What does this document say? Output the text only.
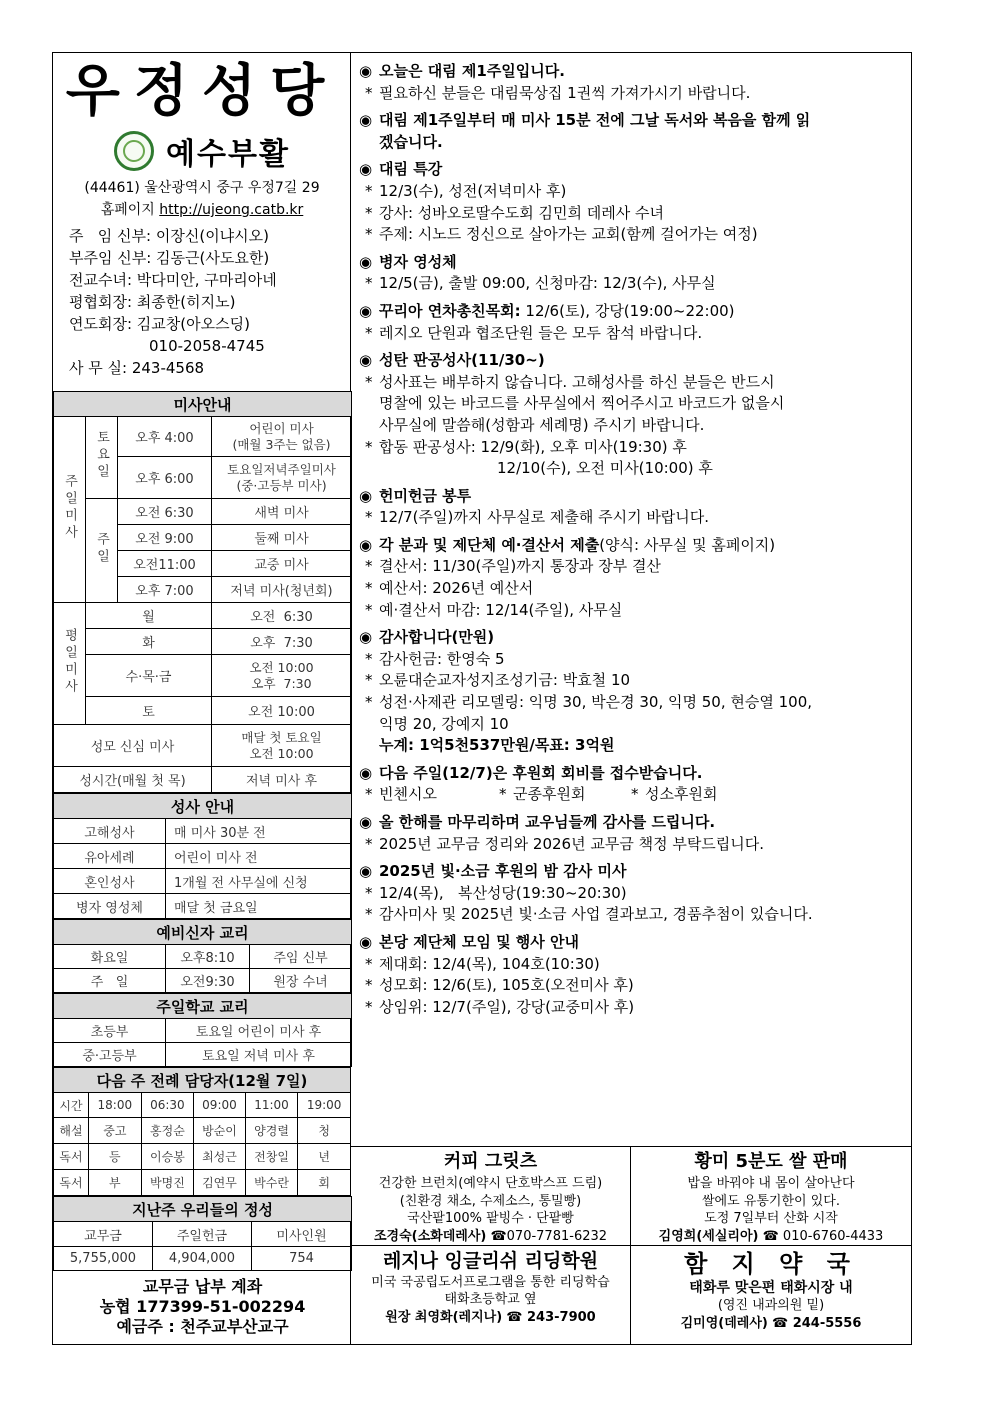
우정성당
예수부활
(44461) 울산광역시 중구 우정7길 29
홈페이지 http://ujeong.catb.kr
주   임 신부: 이장신(이냐시오)
부주임 신부: 김동근(사도요한)
전교수녀: 박다미안, 구마리아네
평협회장: 최종한(히지노)
연도회장: 김교창(아오스딩)
010-2058-4745
사 무 실: 243-4568
미사안내			
주일미사	토요일	오후 4:00	어린이 미사
(매월 3주는 없음)

		오후 6:00	토요일저녁주일미사
(중·고등부 미사)

	주일	오전 6:30	새벽 미사
		오전 9:00	둘째 미사
		오전11:00	교중 미사
		오후 7:00	저녁 미사(청년회)
평일미사	월		오전  6:30
	화		오후  7:30
	수·목·금		오전 10:00
오후  7:30

	토		오전 10:00
성모 신심 미사			매달 첫 토요일
오전 10:00

성시간(매월 첫 목)			저녁 미사 후
성사 안내	
고해성사	매 미사 30분 전
유아세례	어린이 미사 전
혼인성사	1개월 전 사무실에 신청
병자 영성체	매달 첫 금요일
예비신자 교리		
화요일	오후8:10	주임 신부
주   일	오전9:30	원장 수녀
주일학교 교리	
초등부	토요일 어린이 미사 후
중·고등부	토요일 저녁 미사 후
다음 주 전례 담당자(12월 7일)					
시간	18:00	06:30	09:00	11:00	19:00
해설	중고	홍정순	방순이	양경렬	청
독서	등	이승봉	최성근	전창일	년
독서	부	박명진	김연무	박수란	회
지난주 우리들의 정성		
교무금	주일헌금	미사인원
5,755,000	4,904,000	754
교무금 납부 계좌
농협 177399-51-002294
예금주 : 천주교부산교구
◉ 오늘은 대림 제1주일입니다.
* 필요하신 분들은 대림묵상집 1권씩 가져가시기 바랍니다.
◉ 대림 제1주일부터 매 미사 15분 전에 그날 독서와 복음을 함께 읽
겠습니다.
◉ 대림 특강
* 12/3(수), 성전(저녁미사 후)
* 강사: 성바오로딸수도회 김민희 데레사 수녀
* 주제: 시노드 정신으로 살아가는 교회(함께 걸어가는 여정)
◉ 병자 영성체
* 12/5(금), 출발 09:00, 신청마감: 12/3(수), 사무실
◉ 꾸리아 연차총친목회: 12/6(토), 강당(19:00~22:00)
* 레지오 단원과 협조단원 들은 모두 참석 바랍니다.
◉ 성탄 판공성사(11/30~)
* 성사표는 배부하지 않습니다. 고해성사를 하신 분들은 반드시
명찰에 있는 바코드를 사무실에서 찍어주시고 바코드가 없을시
사무실에 말씀해(성함과 세례명) 주시기 바랍니다.
* 합동 판공성사: 12/9(화), 오후 미사(19:30) 후
12/10(수), 오전 미사(10:00) 후
◉ 헌미헌금 봉투
* 12/7(주일)까지 사무실로 제출해 주시기 바랍니다.
◉ 각 분과 및 제단체 예·결산서 제출(양식: 사무실 및 홈페이지)
* 결산서: 11/30(주일)까지 통장과 장부 결산
* 예산서: 2026년 예산서
* 예·결산서 마감: 12/14(주일), 사무실
◉ 감사합니다(만원)
* 감사헌금: 한영숙 5
* 오륜대순교자성지조성기금: 박효철 10
* 성전·사제관 리모델링: 익명 30, 박은경 30, 익명 50, 현승열 100,
익명 20, 강예지 10
누계: 1억5천537만원/목표: 3억원
◉ 다음 주일(12/7)은 후원회 회비를 접수받습니다.
* 빈첸시오	* 군종후원회	* 성소후원회
◉ 올 한해를 마무리하며 교우님들께 감사를 드립니다.
* 2025년 교무금 정리와 2026년 교무금 책정 부탁드립니다.
◉ 2025년 빛·소금 후원의 밤 감사 미사
* 12/4(목),   복산성당(19:30~20:30)
* 감사미사 및 2025년 빛·소금 사업 결과보고, 경품추첨이 있습니다.
◉ 본당 제단체 모임 및 행사 안내
* 제대회: 12/4(목), 104호(10:30)
* 성모회: 12/6(토), 105호(오전미사 후)
* 상임위: 12/7(주일), 강당(교중미사 후)
커피 그릿츠
건강한 브런치(예약시 단호박스프 드림)
(친환경 채소, 수제소스, 통밀빵)
국산팥100% 팥빙수 · 단팥빵
조경숙(소화데레사) ☎070-7781-6232
황미 5분도 쌀 판매
밥을 바꿔야 내 몸이 살아난다
쌀에도 유통기한이 있다.
도정 7일부터 산화 시작
김영희(세실리아) ☎ 010-6760-4433
레지나 잉글리쉬 리딩학원
미국 국공립도서프로그램을 통한 리딩학습
태화초등학교 옆
원장 최영화(레지나) ☎ 243-7900
함 지 약 국
태화루 맞은편 태화시장 내
(영진 내과의원 밑)
김미영(데레사) ☎ 244-5556
